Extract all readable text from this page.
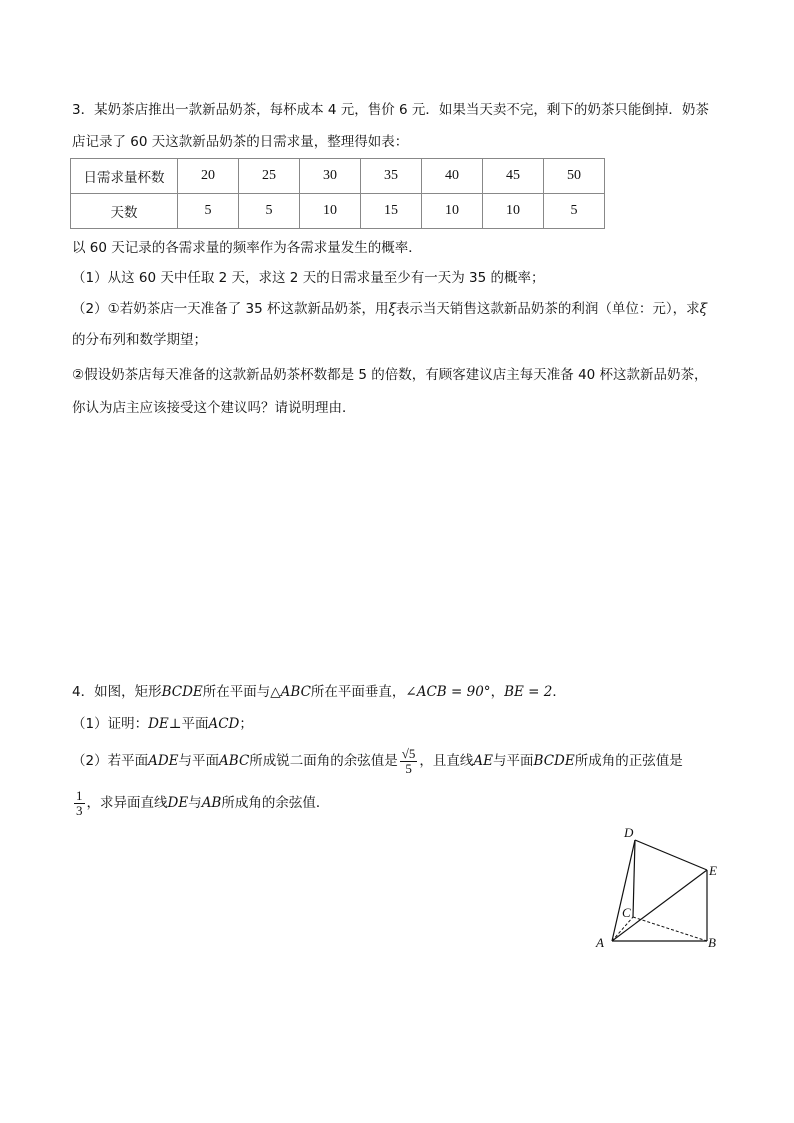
3．某奶茶店推出一款新品奶茶，每杯成本 4 元，售价 6 元．如果当天卖不完，剩下的奶茶只能倒掉．奶茶
店记录了 60 天这款新品奶茶的日需求量，整理得如表：
日需求量杯数	20	25	30	35	40	45	50
天数	5	5	10	15	10	10	5
以 60 天记录的各需求量的频率作为各需求量发生的概率．
（1）从这 60 天中任取 2 天，求这 2 天的日需求量至少有一天为 35 的概率；
（2）①若奶茶店一天准备了 35 杯这款新品奶茶，用ξ表示当天销售这款新品奶茶的利润（单位：元），求ξ
的分布列和数学期望；
②假设奶茶店每天准备的这款新品奶茶杯数都是 5 的倍数，有顾客建议店主每天准备 40 杯这款新品奶茶，
你认为店主应该接受这个建议吗？请说明理由．
4．如图，矩形BCDE所在平面与△ABC所在平面垂直，∠ACB = 90°，BE = 2．
（1）证明：DE⊥平面ACD；
（2）若平面ADE与平面ABC所成锐二面角的余弦值是 $\frac{√5}{5}$ ，且直线AE与平面BCDE所成角的正弦值是
$\frac{1}{3}$ ，求异面直线DE与AB所成角的余弦值．
D
E
C
A	B
